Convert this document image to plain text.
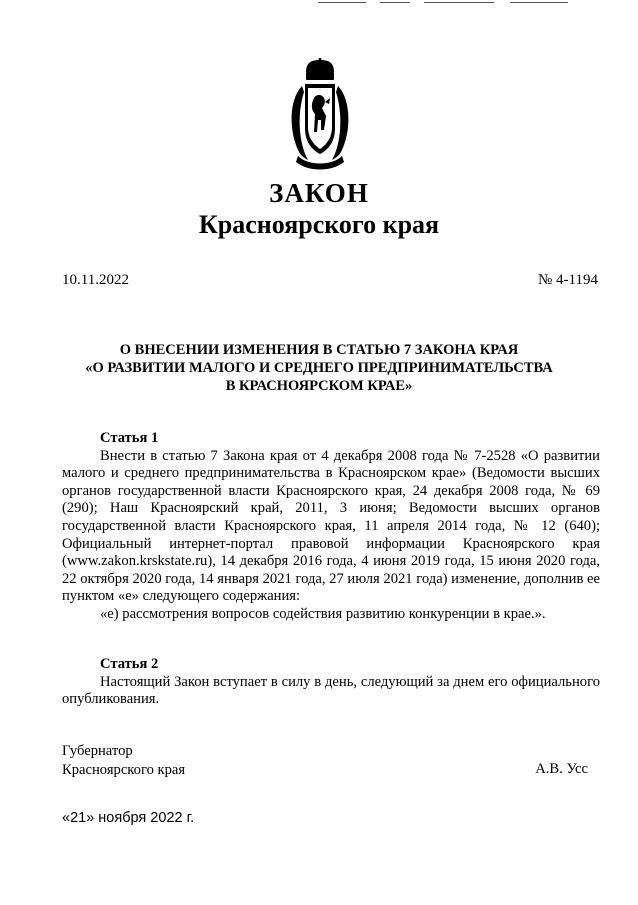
ЗАКОН
Красноярского края
10.11.2022	№ 4-1194
О ВНЕСЕНИИ ИЗМЕНЕНИЯ В СТАТЬЮ 7 ЗАКОНА КРАЯ
«О РАЗВИТИИ МАЛОГО И СРЕДНЕГО ПРЕДПРИНИМАТЕЛЬСТВА
В КРАСНОЯРСКОМ КРАЕ»
Статья 1

Внести в статью 7 Закона края от 4 декабря 2008 года № 7-2528 «О развитии малого и среднего предпринимательства в Красноярском крае» (Ведомости высших органов государственной власти Красноярского края, 24 декабря 2008 года, № 69 (290); Наш Красноярский край, 2011, 3 июня; Ведомости высших органов государственной власти Красноярского края, 11 апреля 2014 года, № 12 (640); Официальный интернет-портал правовой информации Красноярского края (www.zakon.krskstate.ru), 14 декабря 2016 года, 4 июня 2019 года, 15 июня 2020 года, 22 октября 2020 года, 14 января 2021 года, 27 июля 2021 года) изменение, дополнив ее пунктом «е» следующего содержания:

«е) рассмотрения вопросов содействия развитию конкуренции в крае.».

Статья 2

Настоящий Закон вступает в силу в день, следующий за днем его официального опубликования.

Губернатор
Красноярского края	А.В. Усс
«21» ноября 2022 г.
